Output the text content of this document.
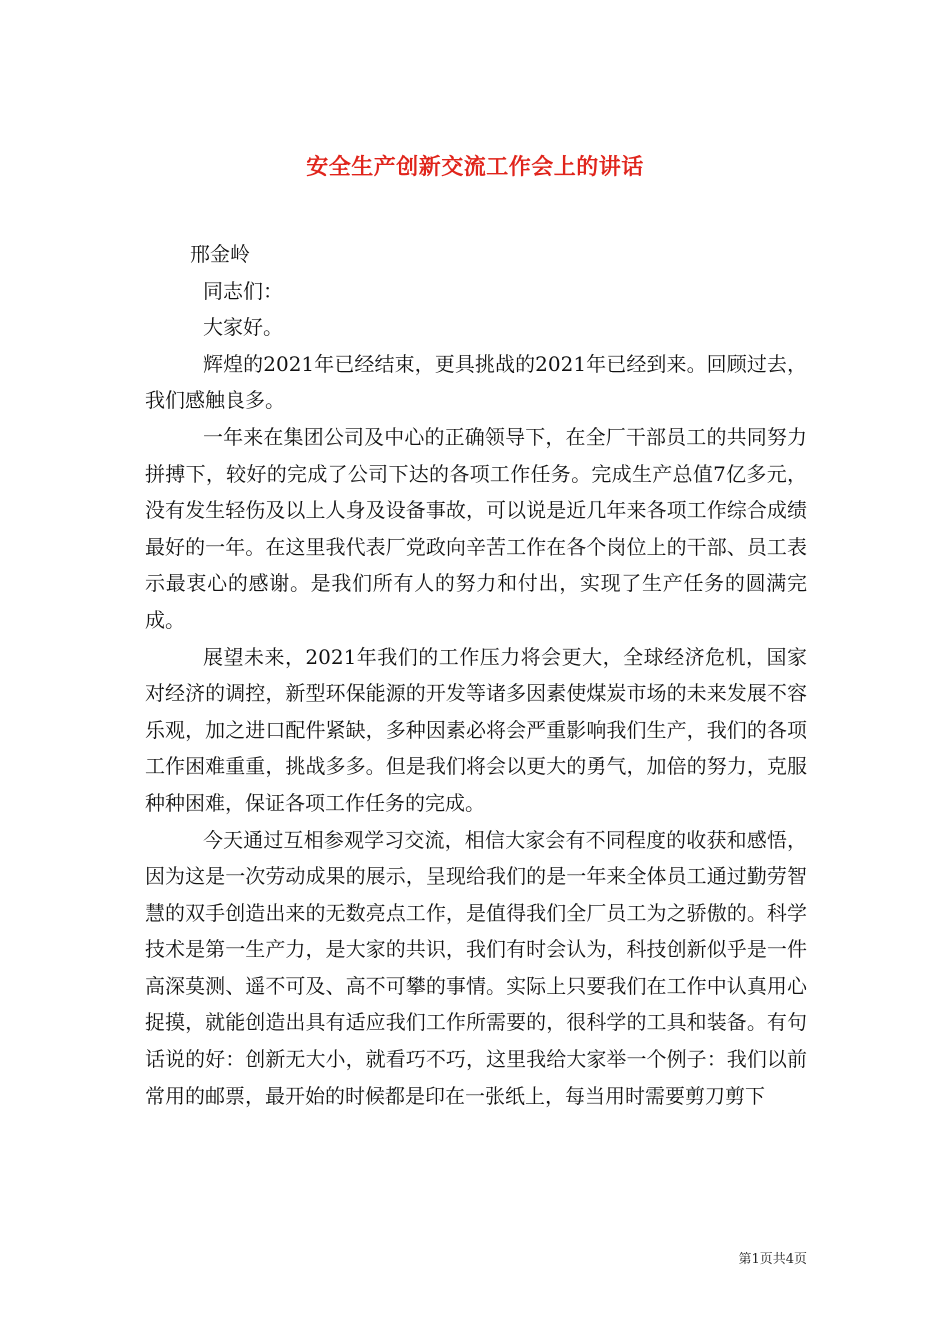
安全生产创新交流工作会上的讲话

邢金岭

同志们：

大家好。

辉煌的2021年已经结束，更具挑战的2021年已经到来。回顾过去，我们感触良多。

一年来在集团公司及中心的正确领导下，在全厂干部员工的共同努力拼搏下，较好的完成了公司下达的各项工作任务。完成生产总值7亿多元，没有发生轻伤及以上人身及设备事故，可以说是近几年来各项工作综合成绩最好的一年。在这里我代表厂党政向辛苦工作在各个岗位上的干部、员工表示最衷心的感谢。是我们所有人的努力和付出，实现了生产任务的圆满完成。

展望未来，2021年我们的工作压力将会更大，全球经济危机，国家对经济的调控，新型环保能源的开发等诸多因素使煤炭市场的未来发展不容乐观，加之进口配件紧缺，多种因素必将会严重影响我们生产，我们的各项工作困难重重，挑战多多。但是我们将会以更大的勇气，加倍的努力，克服种种困难，保证各项工作任务的完成。

今天通过互相参观学习交流，相信大家会有不同程度的收获和感悟，因为这是一次劳动成果的展示，呈现给我们的是一年来全体员工通过勤劳智慧的双手创造出来的无数亮点工作，是值得我们全厂员工为之骄傲的。科学技术是第一生产力，是大家的共识，我们有时会认为，科技创新似乎是一件高深莫测、遥不可及、高不可攀的事情。实际上只要我们在工作中认真用心捉摸，就能创造出具有适应我们工作所需要的，很科学的工具和装备。有句话说的好：创新无大小，就看巧不巧，这里我给大家举一个例子：我们以前常用的邮票，最开始的时候都是印在一张纸上，每当用时需要剪刀剪下

第1页共4页
